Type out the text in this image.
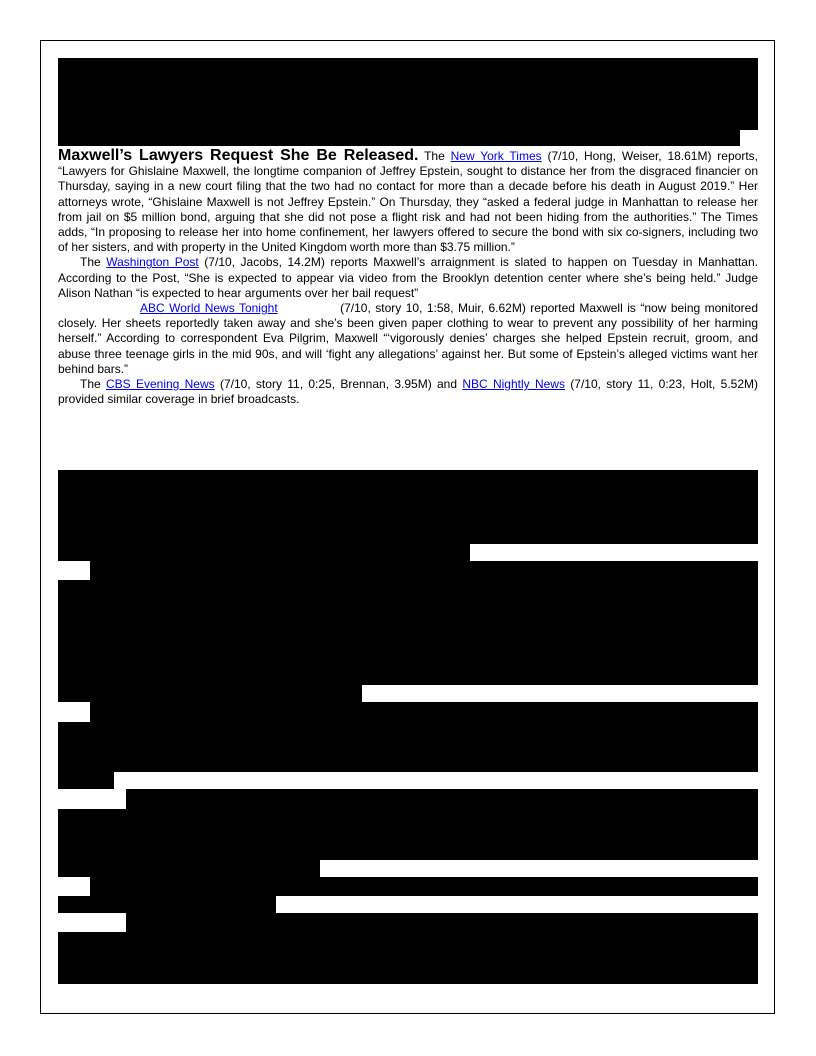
Maxwell’s Lawyers Request She Be Released. The New York Times (7/10, Hong, Weiser, 18.61M) reports, “Lawyers for Ghislaine Maxwell, the longtime companion of Jeffrey Epstein, sought to distance her from the disgraced financier on Thursday, saying in a new court filing that the two had no contact for more than a decade before his death in August 2019.” Her attorneys wrote, “Ghislaine Maxwell is not Jeffrey Epstein.” On Thursday, they “asked a federal judge in Manhattan to release her from jail on $5 million bond, arguing that she did not pose a flight risk and had not been hiding from the authorities.” The Times adds, “In proposing to release her into home confinement, her lawyers offered to secure the bond with six co-signers, including two of her sisters, and with property in the United Kingdom worth more than $3.75 million.”

The Washington Post (7/10, Jacobs, 14.2M) reports Maxwell’s arraignment is slated to happen on Tuesday in Manhattan. According to the Post, “She is expected to appear via video from the Brooklyn detention center where she’s being held.” Judge Alison Nathan “is expected to hear arguments over her bail request”

ABC World News Tonight	(7/10, story 10, 1:58, Muir, 6.62M) reported Maxwell is “now being monitored closely. Her sheets reportedly taken away and she’s been given paper clothing to wear to prevent any possibility of her harming herself.” According to correspondent Eva Pilgrim, Maxwell “‘vigorously denies’ charges she helped Epstein recruit, groom, and abuse three teenage girls in the mid 90s, and will ‘fight any allegations’ against her. But some of Epstein’s alleged victims want her behind bars.”

The CBS Evening News (7/10, story 11, 0:25, Brennan, 3.95M) and NBC Nightly News (7/10, story 11, 0:23, Holt, 5.52M) provided similar coverage in brief broadcasts.
